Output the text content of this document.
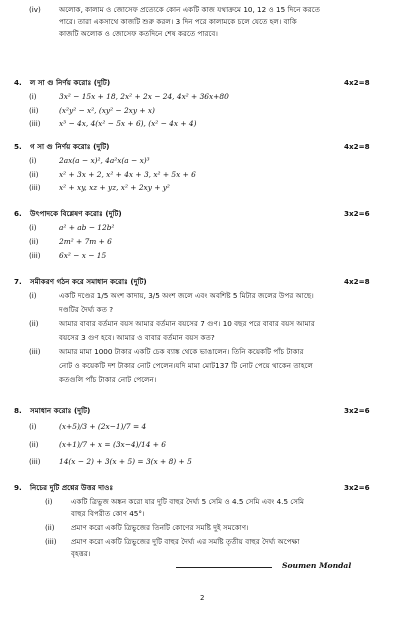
(iv)	অলোক, কালাম ও জোসেফ প্রত্যেকে কোন একটি কাজ যথাক্রমে 10, 12 ও 15 দিনে করতে
পারে। তারা একসাথে কাজটি শুরু করল। 3 দিন পরে কালামকে চলে যেতে হল। বাকি
কাজটি অলোক ও জোসেফ কতদিনে শেষ করতে পারবে।
4. ল সা গু নির্ণয় করোঃ (দুটি)	4x2=8
(i)	3x² − 15x + 18, 2x² + 2x − 24, 4x² + 36x+80
(ii)	(x²y² − x², (xy² − 2xy + x)
(iii) x³ − 4x, 4(x² − 5x + 6), (x² − 4x + 4)
5. গ সা গু নির্ণয় করোঃ (দুটি)	4x2=8
(i)	2ax(a − x)², 4a²x(a − x)³
(ii)	x² + 3x + 2, x² + 4x + 3, x² + 5x + 6
(iii) x² + xy, xz + yz, x² + 2xy + y²
6. উৎপাদকে বিশ্লেষণ করোঃ (দুটি)	3x2=6
(i)	a² + ab − 12b²
(ii)	2m² + 7m + 6
(iii) 6x² − x − 15
7. সমীকরণ গঠন করে সমাধান করোঃ (দুটি)	4x2=8
(i)	একটি দণ্ডের 1/5 অংশ কাদায়, 3/5 অংশ জলে এবং অবশিষ্ট 5 মিটার জলের উপর আছে।
দণ্ডটির দৈর্ঘ্য কত ?
(ii)	আমার বাবার বর্তমান বয়স আমার বর্তমান বয়সের 7 গুণ। 10 বছর পরে বাবার বয়স আমার
বয়সের 3 গুণ হবে। আমার ও বাবার বর্তমান বয়স কত?
(iii)	আমার মামা 1000 টাকার একটি চেক ব্যাঙ্ক থেকে ভাঙালেন। তিনি কয়েকটি পাঁচ টাকার
নোট ও কয়েকটি দশ টাকার নোট পেলেন।যদি মামা মোট137 টি নোট পেয়ে থাকেন তাহলে
কতগুলি পাঁচ টাকার নোট পেলেন।
8. সমাধান করোঃ (দুটি)	3x2=6
(i)	(x+5)/3 + (2x−1)/7 = 4
(ii)	(x+1)/7 + x = (3x−4)/14 + 6
(iii) 14(x − 2) + 3(x + 5) = 3(x + 8) + 5
9. নিচের দুটি প্রশ্নের উত্তর দাওঃ	3x2=6
(i)	একটি ত্রিভুজ অঙ্কন করো যার দুটি বাহুর দৈর্ঘ্য 5 সেমি ও 4.5 সেমি এবং 4.5 সেমি
বাহুর বিপরীত কোণ 45°।
(ii) প্রমাণ করো একটি ত্রিভুজের তিনটি কোণের সমষ্টি দুই সমকোণ।
(iii) প্রমাণ করো একটি ত্রিভুজের দুটি বাহুর দৈর্ঘ্য এর সমষ্টি তৃতীয় বাহুর দৈর্ঘ্য অপেক্ষা
বৃহত্তর।
Soumen Mondal
2
